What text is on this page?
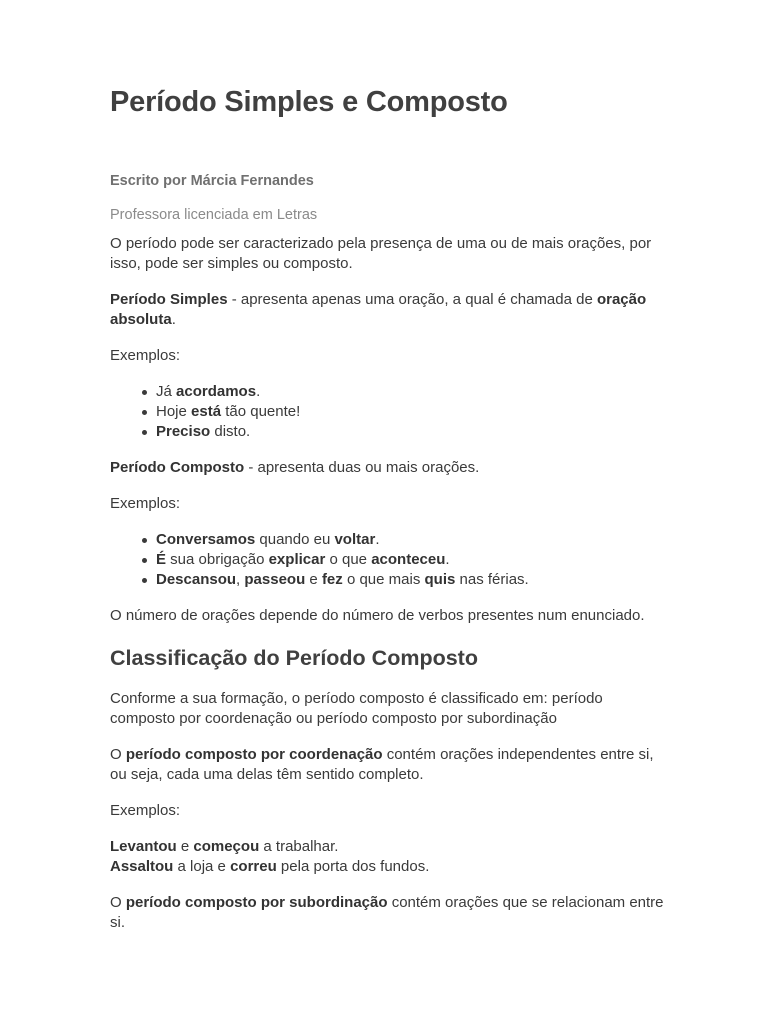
Período Simples e Composto
Escrito por Márcia Fernandes
Professora licenciada em Letras

O período pode ser caracterizado pela presença de uma ou de mais orações, por isso, pode ser simples ou composto.

Período Simples - apresenta apenas uma oração, a qual é chamada de oração absoluta.

Exemplos:

Já acordamos.
Hoje está tão quente!
Preciso disto.

Período Composto - apresenta duas ou mais orações.

Exemplos:

Conversamos quando eu voltar.
É sua obrigação explicar o que aconteceu.
Descansou, passeou e fez o que mais quis nas férias.

O número de orações depende do número de verbos presentes num enunciado.

Classificação do Período Composto

Conforme a sua formação, o período composto é classificado em: período composto por coordenação ou período composto por subordinação

O período composto por coordenação contém orações independentes entre si, ou seja, cada uma delas têm sentido completo.

Exemplos:

Levantou e começou a trabalhar.
Assaltou a loja e correu pela porta dos fundos.

O período composto por subordinação contém orações que se relacionam entre si.
